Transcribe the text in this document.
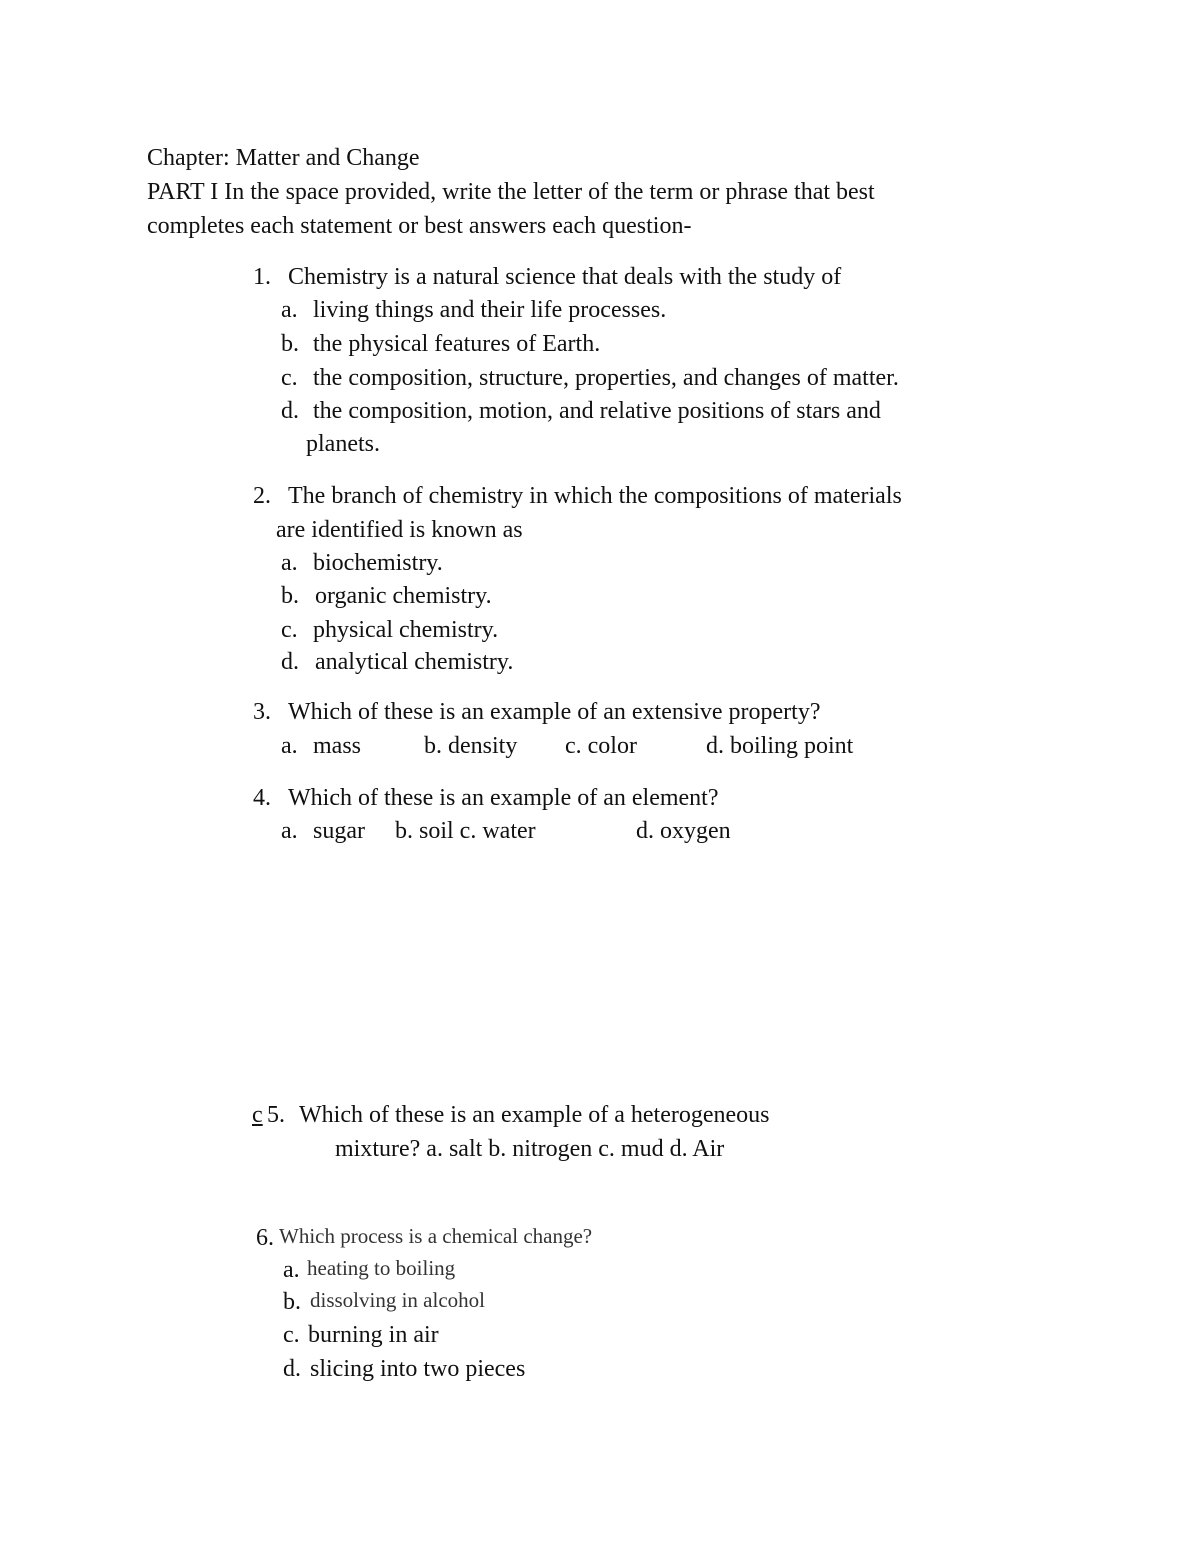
Chapter: Matter and Change
PART I In the space provided, write the letter of the term or phrase that best
completes each statement or best answers each question-
1. Chemistry is a natural science that deals with the study of
a. living things and their life processes.
b. the physical features of Earth.
c. the composition, structure, properties, and changes of matter.
d. the composition, motion, and relative positions of stars and
planets.
2. The branch of chemistry in which the compositions of materials
are identified is known as
a. biochemistry.
b. organic chemistry.
c. physical chemistry.
d. analytical chemistry.
3. Which of these is an example of an extensive property?
a. mass	b. density c. color	d. boiling point
4. Which of these is an example of an element?
a. sugar b. soil c. water	d. oxygen
c 5. Which of these is an example of a heterogeneous
mixture? a. salt b. nitrogen c. mud d. Air
6. Which process is a chemical change?
a. heating to boiling
b. dissolving in alcohol
c. burning in air
d. slicing into two pieces
